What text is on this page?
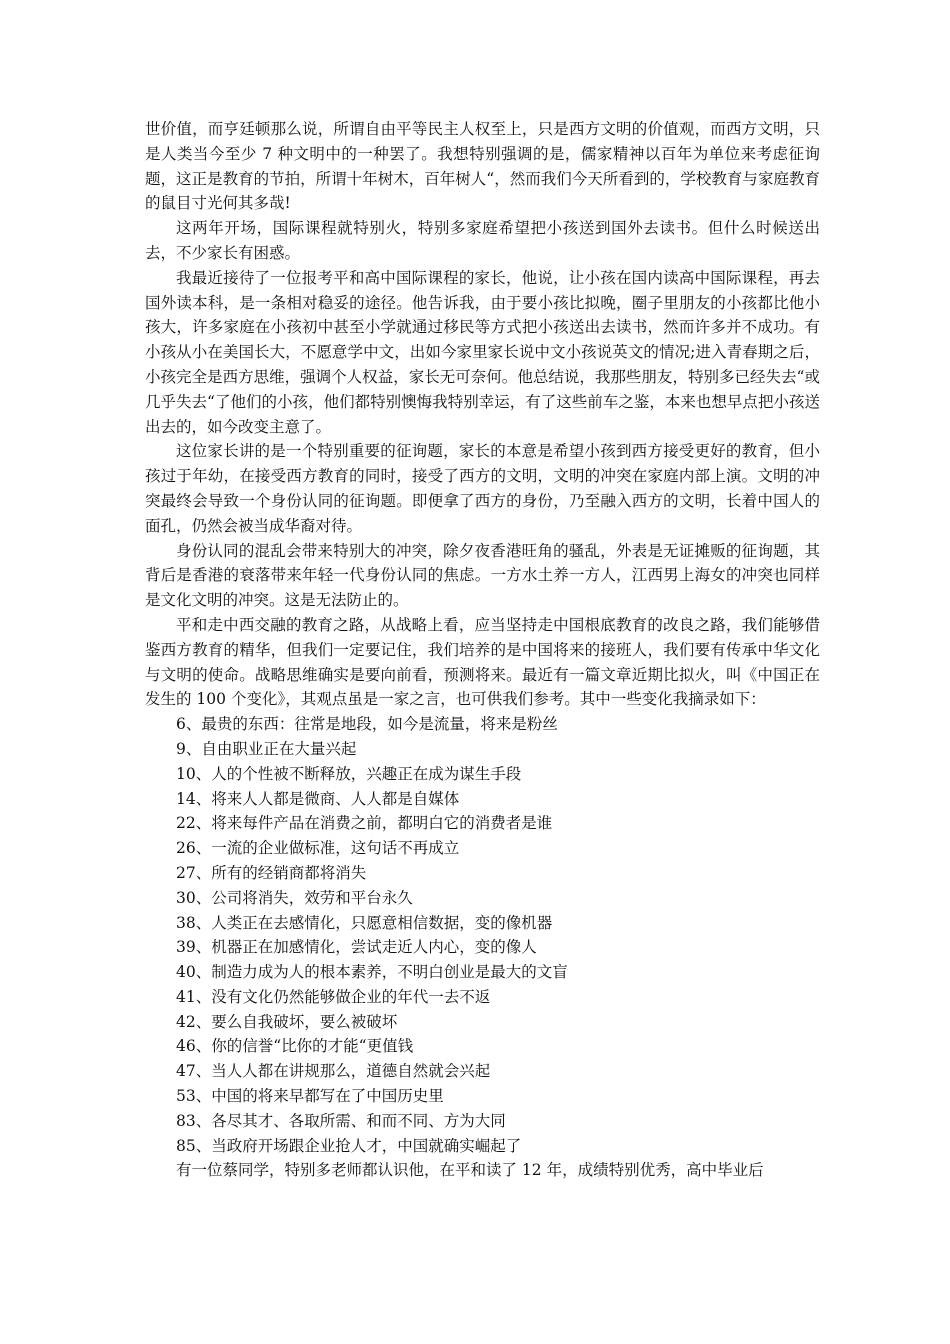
世价值，而亨廷顿那么说，所谓自由平等民主人权至上，只是西方文明的价值观，而西方文明，只是人类当今至少 7 种文明中的一种罢了。我想特别强调的是，儒家精神以百年为单位来考虑征询题，这正是教育的节拍，所谓十年树木，百年树人“，然而我们今天所看到的，学校教育与家庭教育的鼠目寸光何其多哉!

这两年开场，国际课程就特别火，特别多家庭希望把小孩送到国外去读书。但什么时候送出去，不少家长有困惑。

我最近接待了一位报考平和高中国际课程的家长，他说，让小孩在国内读高中国际课程，再去国外读本科，是一条相对稳妥的途径。他告诉我，由于要小孩比拟晚，圈子里朋友的小孩都比他小孩大，许多家庭在小孩初中甚至小学就通过移民等方式把小孩送出去读书，然而许多并不成功。有小孩从小在美国长大，不愿意学中文，出如今家里家长说中文小孩说英文的情况;进入青春期之后，小孩完全是西方思维，强调个人权益，家长无可奈何。他总结说，我那些朋友，特别多已经失去“或几乎失去“了他们的小孩，他们都特别懊悔我特别幸运，有了这些前车之鉴，本来也想早点把小孩送出去的，如今改变主意了。

这位家长讲的是一个特别重要的征询题，家长的本意是希望小孩到西方接受更好的教育，但小孩过于年幼，在接受西方教育的同时，接受了西方的文明，文明的冲突在家庭内部上演。文明的冲突最终会导致一个身份认同的征询题。即便拿了西方的身份，乃至融入西方的文明，长着中国人的面孔，仍然会被当成华裔对待。

身份认同的混乱会带来特别大的冲突，除夕夜香港旺角的骚乱，外表是无证摊贩的征询题，其背后是香港的衰落带来年轻一代身份认同的焦虑。一方水土养一方人，江西男上海女的冲突也同样是文化文明的冲突。这是无法防止的。

平和走中西交融的教育之路，从战略上看，应当坚持走中国根底教育的改良之路，我们能够借鉴西方教育的精华，但我们一定要记住，我们培养的是中国将来的接班人，我们要有传承中华文化与文明的使命。战略思维确实是要向前看，预测将来。最近有一篇文章近期比拟火，叫《中国正在发生的 100 个变化》，其观点虽是一家之言，也可供我们参考。其中一些变化我摘录如下：

6、最贵的东西：往常是地段，如今是流量，将来是粉丝
9、自由职业正在大量兴起
10、人的个性被不断释放，兴趣正在成为谋生手段
14、将来人人都是微商、人人都是自媒体
22、将来每件产品在消费之前，都明白它的消费者是谁
26、一流的企业做标准，这句话不再成立
27、所有的经销商都将消失
30、公司将消失，效劳和平台永久
38、人类正在去感情化，只愿意相信数据，变的像机器
39、机器正在加感情化，尝试走近人内心，变的像人
40、制造力成为人的根本素养，不明白创业是最大的文盲
41、没有文化仍然能够做企业的年代一去不返
42、要么自我破坏，要么被破坏
46、你的信誉“比你的才能“更值钱
47、当人人都在讲规那么，道德自然就会兴起
53、中国的将来早都写在了中国历史里
83、各尽其才、各取所需、和而不同、方为大同
85、当政府开场跟企业抢人才，中国就确实崛起了

有一位蔡同学，特别多老师都认识他，在平和读了 12 年，成绩特别优秀，高中毕业后
